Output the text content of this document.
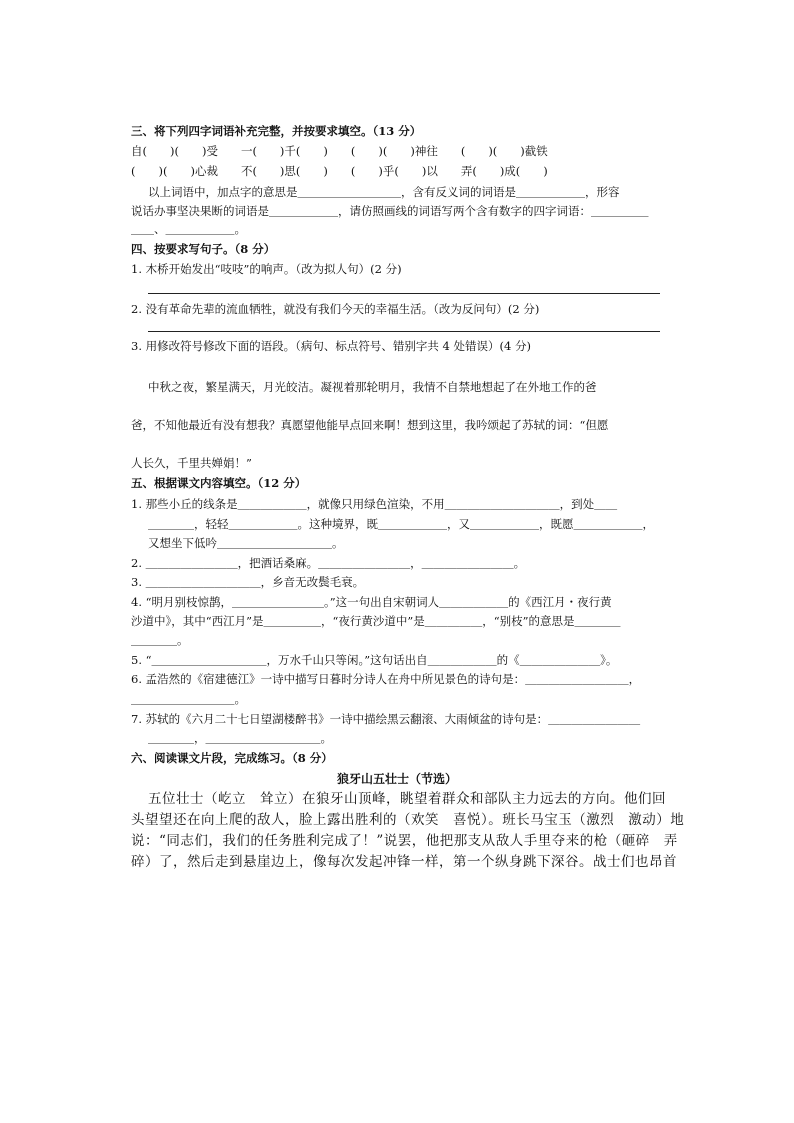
三、将下列四字词语补充完整，并按要求填空。（13 分）
自(　　)(　　)受　　一(　　)千(　　)　　(　　)(　　)神往　　(　　)(　　)截铁
(　　)(　　)心裁　　不(　　)思(　　)　　(　　)乎(　　)以　　弄(　　)成(　　)
以上词语中，加点字的意思是＿＿＿＿＿＿＿＿＿，含有反义词的词语是＿＿＿＿＿＿，形容
说话办事坚决果断的词语是＿＿＿＿＿＿，请仿照画线的词语写两个含有数字的四字词语：＿＿＿＿＿
＿＿、＿＿＿＿＿＿。
四、按要求写句子。（8 分）
1. 木桥开始发出“吱吱”的响声。（改为拟人句）(2 分)
2. 没有革命先辈的流血牺牲，就没有我们今天的幸福生活。（改为反问句）(2 分)
3. 用修改符号修改下面的语段。（病句、标点符号、错别字共 4 处错误）(4 分)
中秋之夜，繁星满天，月光皎洁。凝视着那轮明月，我情不自禁地想起了在外地工作的爸
爸，不知他最近有没有想我？真愿望他能早点回来啊！想到这里，我吟颂起了苏轼的词：“但愿
人长久，千里共婵娟！”
五、根据课文内容填空。（12 分）
1. 那些小丘的线条是＿＿＿＿＿＿，就像只用绿色渲染，不用＿＿＿＿＿＿＿＿＿＿，到处＿＿
＿＿＿＿，轻轻＿＿＿＿＿＿。这种境界，既＿＿＿＿＿＿，又＿＿＿＿＿＿，既愿＿＿＿＿＿＿，
又想坐下低吟＿＿＿＿＿＿＿＿＿＿。
2. ＿＿＿＿＿＿＿＿，把酒话桑麻。＿＿＿＿＿＿＿＿，＿＿＿＿＿＿＿＿。
3. ＿＿＿＿＿＿＿＿＿＿，乡音无改鬓毛衰。
4. “明月别枝惊鹊，＿＿＿＿＿＿＿＿。”这一句出自宋朝词人＿＿＿＿＿＿的《西江月・夜行黄
沙道中》，其中“西江月”是＿＿＿＿＿，“夜行黄沙道中”是＿＿＿＿＿，“别枝”的意思是＿＿＿＿
＿＿＿＿。
5. “＿＿＿＿＿＿＿＿＿＿，万水千山只等闲。”这句话出自＿＿＿＿＿＿的《＿＿＿＿＿＿＿》。
6. 孟浩然的《宿建德江》一诗中描写日暮时分诗人在舟中所见景色的诗句是：＿＿＿＿＿＿＿＿＿，
＿＿＿＿＿＿＿＿＿。
7. 苏轼的《六月二十七日望湖楼醉书》一诗中描绘黑云翻滚、大雨倾盆的诗句是：＿＿＿＿＿＿＿＿
＿＿＿＿，＿＿＿＿＿＿＿＿＿＿。
六、阅读课文片段，完成练习。（8 分）
狼牙山五壮士（节选）
五位壮士（屹立　耸立）在狼牙山顶峰，眺望着群众和部队主力远去的方向。他们回
头望望还在向上爬的敌人，脸上露出胜利的（欢笑　喜悦）。班长马宝玉（激烈　激动）地
说：“同志们，我们的任务胜利完成了！”说罢，他把那支从敌人手里夺来的枪（砸碎　弄
碎）了，然后走到悬崖边上，像每次发起冲锋一样，第一个纵身跳下深谷。战士们也昂首
